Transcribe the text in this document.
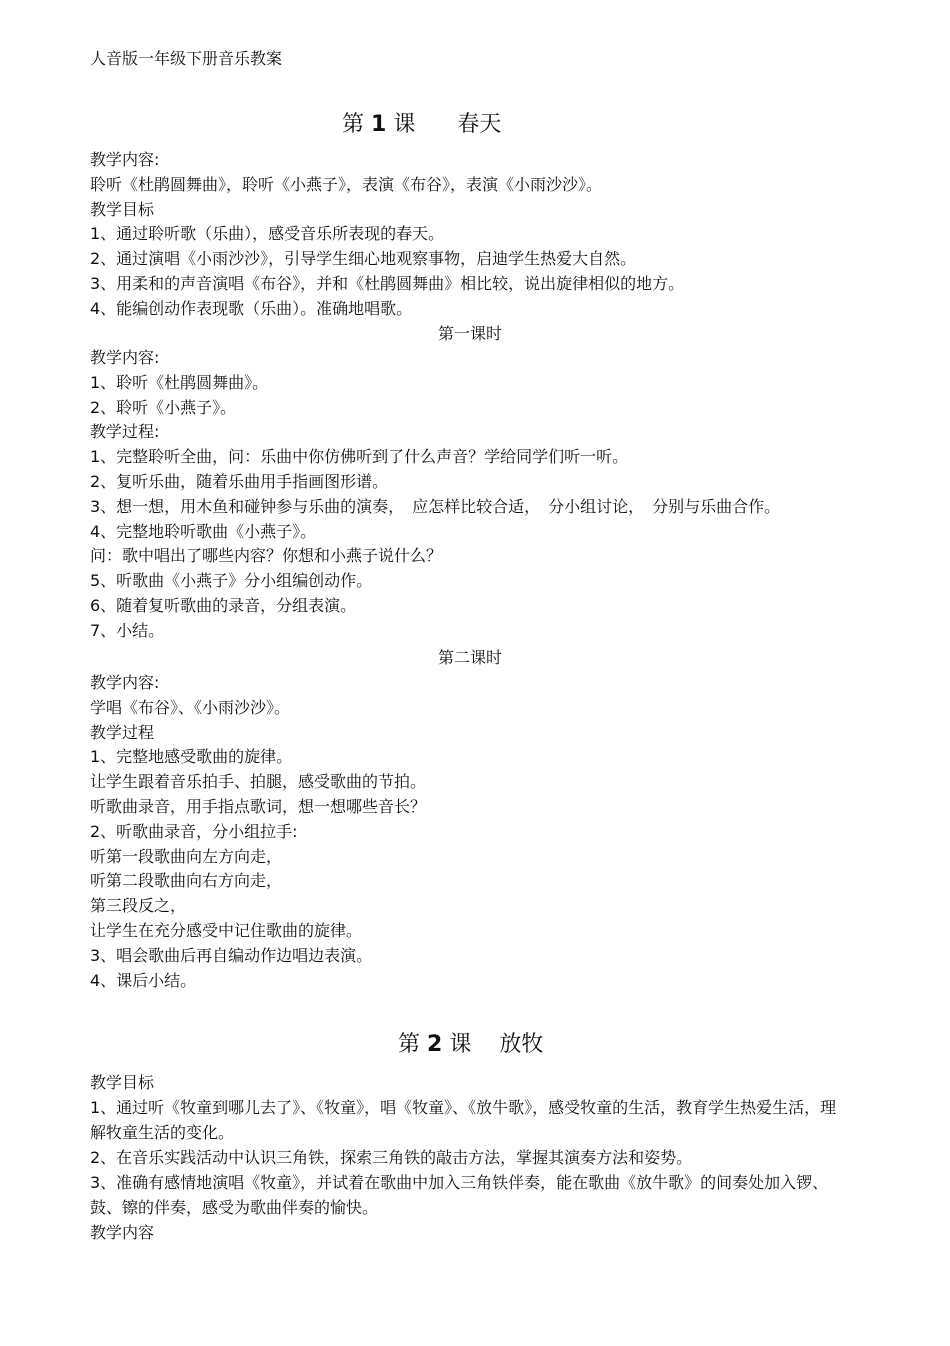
人音版一年级下册音乐教案
第 1 课 春天

教学内容:

聆听《杜鹃圆舞曲》，聆听《小燕子》，表演《布谷》，表演《小雨沙沙》。

教学目标

1、通过聆听歌（乐曲），感受音乐所表现的春天。

2、通过演唱《小雨沙沙》，引导学生细心地观察事物，启迪学生热爱大自然。

3、用柔和的声音演唱《布谷》，并和《杜鹃圆舞曲》相比较，说出旋律相似的地方。

4、能编创动作表现歌（乐曲）。准确地唱歌。

第一课时

教学内容:

1、聆听《杜鹃圆舞曲》。

2、聆听《小燕子》。

教学过程:

1、完整聆听全曲，问：乐曲中你仿佛听到了什么声音？学给同学们听一听。

2、复听乐曲，随着乐曲用手指画图形谱。

3、想一想，用木鱼和碰钟参与乐曲的演奏，　应怎样比较合适，　分小组讨论，　分别与乐曲合作。

4、完整地聆听歌曲《小燕子》。

问：歌中唱出了哪些内容？你想和小燕子说什么？

5、听歌曲《小燕子》分小组编创动作。

6、随着复听歌曲的录音，分组表演。

7、小结。

第二课时

教学内容:

学唱《布谷》、《小雨沙沙》。

教学过程

1、完整地感受歌曲的旋律。

让学生跟着音乐拍手、拍腿，感受歌曲的节拍。

听歌曲录音，用手指点歌词，想一想哪些音长？

2、听歌曲录音，分小组拉手:

听第一段歌曲向左方向走，

听第二段歌曲向右方向走，

第三段反之，

让学生在充分感受中记住歌曲的旋律。

3、唱会歌曲后再自编动作边唱边表演。

4、课后小结。

第 2 课 放牧

教学目标

1、通过听《牧童到哪儿去了》、《牧童》，唱《牧童》、《放牛歌》，感受牧童的生活，教育学生热爱生活，理解牧童生活的变化。

2、在音乐实践活动中认识三角铁，探索三角铁的敲击方法，掌握其演奏方法和姿势。

3、准确有感情地演唱《牧童》，并试着在歌曲中加入三角铁伴奏，能在歌曲《放牛歌》的间奏处加入锣、鼓、镲的伴奏，感受为歌曲伴奏的愉快。

教学内容
